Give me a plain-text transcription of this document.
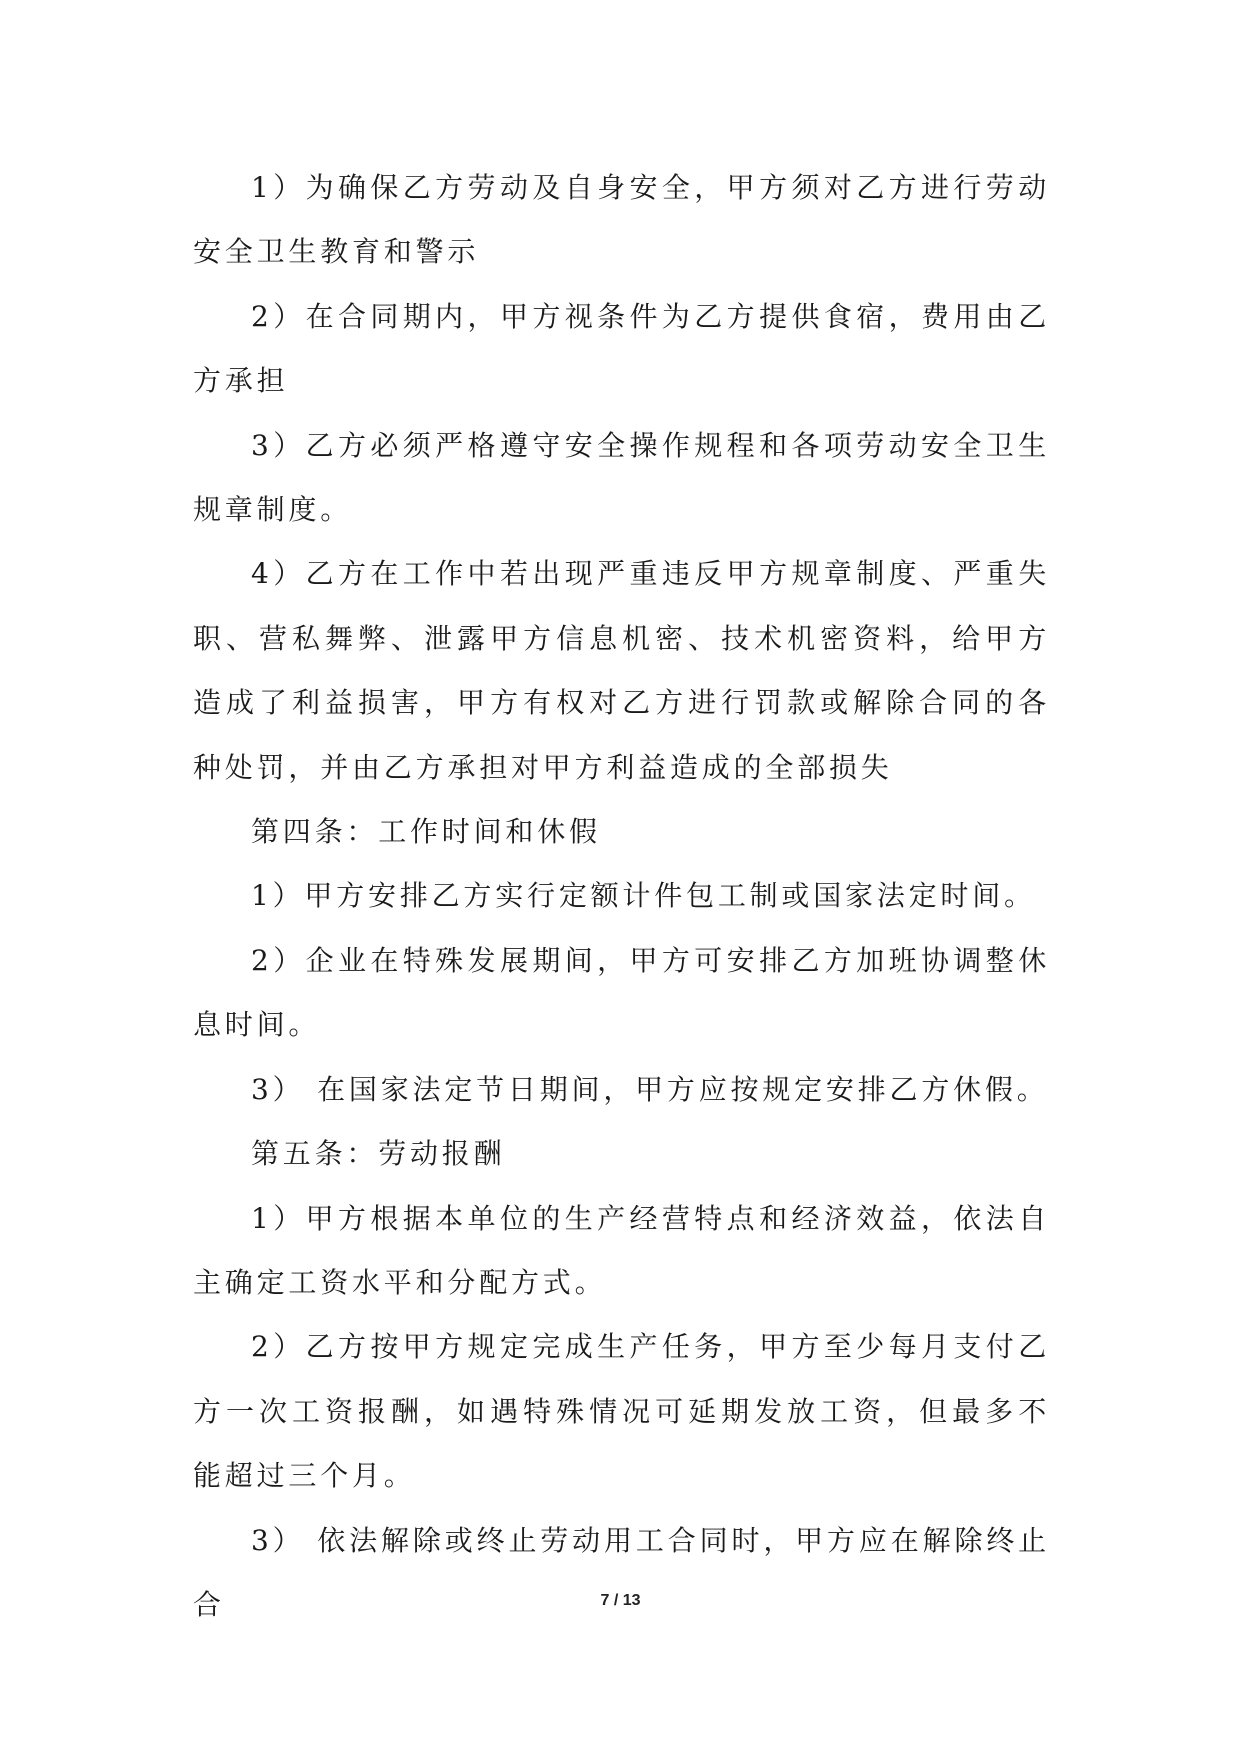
1）为确保乙方劳动及自身安全，甲方须对乙方进行劳动安全卫生教育和警示

2）在合同期内，甲方视条件为乙方提供食宿，费用由乙方承担

3）乙方必须严格遵守安全操作规程和各项劳动安全卫生规章制度。

4）乙方在工作中若出现严重违反甲方规章制度、严重失职、营私舞弊、泄露甲方信息机密、技术机密资料，给甲方造成了利益损害，甲方有权对乙方进行罚款或解除合同的各种处罚，并由乙方承担对甲方利益造成的全部损失

第四条：工作时间和休假

1）甲方安排乙方实行定额计件包工制或国家法定时间。

2）企业在特殊发展期间，甲方可安排乙方加班协调整休息时间。

3） 在国家法定节日期间，甲方应按规定安排乙方休假。

第五条：劳动报酬

1）甲方根据本单位的生产经营特点和经济效益，依法自主确定工资水平和分配方式。

2）乙方按甲方规定完成生产任务，甲方至少每月支付乙方一次工资报酬，如遇特殊情况可延期发放工资，但最多不能超过三个月。

3） 依法解除或终止劳动用工合同时，甲方应在解除终止合	7 / 13
